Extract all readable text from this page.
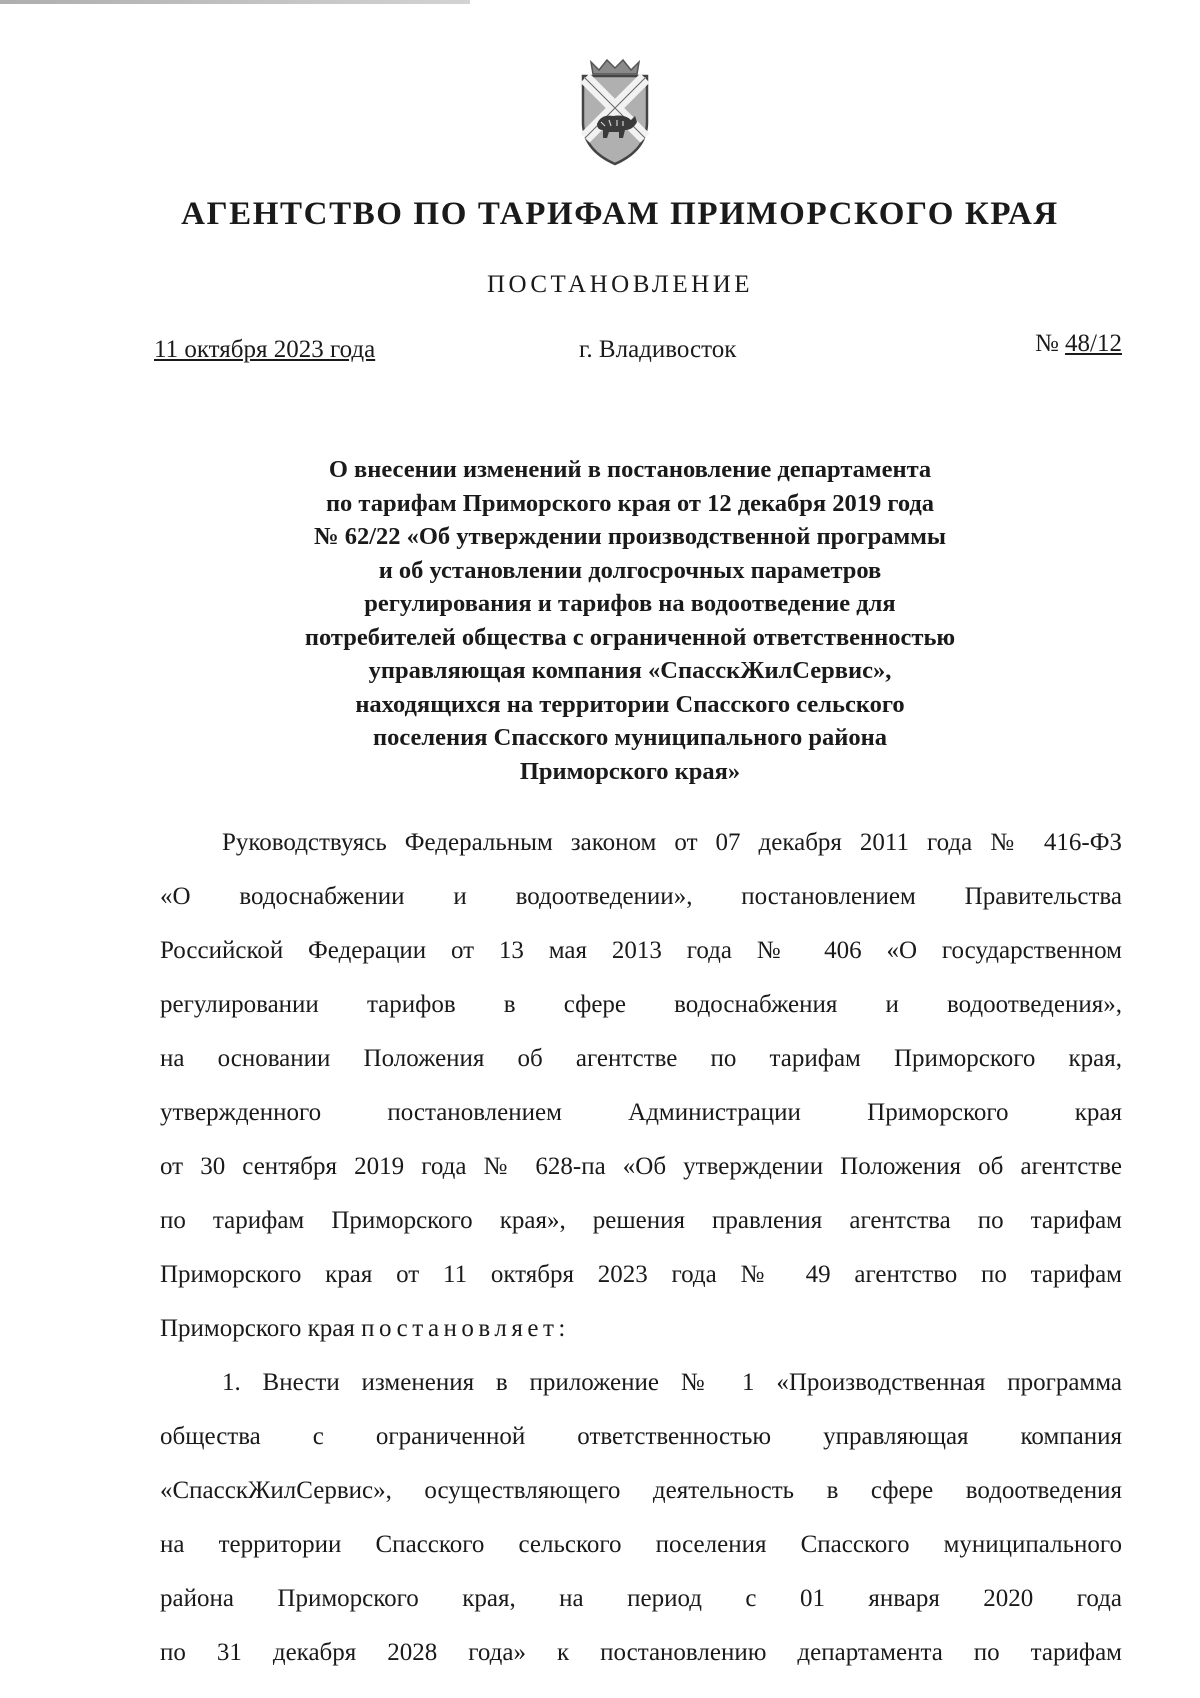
АГЕНТСТВО ПО ТАРИФАМ ПРИМОРСКОГО КРАЯ
ПОСТАНОВЛЕНИЕ
11 октября 2023 года	г. Владивосток	№ 48/12
О внесении изменений в постановление департамента
по тарифам Приморского края от 12 декабря 2019 года
№ 62/22 «Об утверждении производственной программы
и об установлении долгосрочных параметров
регулирования и тарифов на водоотведение для
потребителей общества с ограниченной ответственностью
управляющая компания «СпасскЖилСервис»,
находящихся на территории Спасского сельского
поселения Спасского муниципального района
Приморского края»
Руководствуясь Федеральным законом от 07 декабря 2011 года № 416-ФЗ
«О водоснабжении и водоотведении», постановлением Правительства
Российской Федерации от 13 мая 2013 года № 406 «О государственном
регулировании тарифов в сфере водоснабжения и водоотведения»,
на основании Положения об агентстве по тарифам Приморского края,
утвержденного постановлением Администрации Приморского края
от 30 сентября 2019 года № 628-па «Об утверждении Положения об агентстве
по тарифам Приморского края», решения правления агентства по тарифам
Приморского края от 11 октября 2023 года № 49 агентство по тарифам
Приморского края постановляет:
1. Внести изменения в приложение № 1 «Производственная программа
общества с ограниченной ответственностью управляющая компания
«СпасскЖилСервис», осуществляющего деятельность в сфере водоотведения
на территории Спасского сельского поселения Спасского муниципального
района Приморского края, на период с 01 января 2020 года
по 31 декабря 2028 года» к постановлению департамента по тарифам
